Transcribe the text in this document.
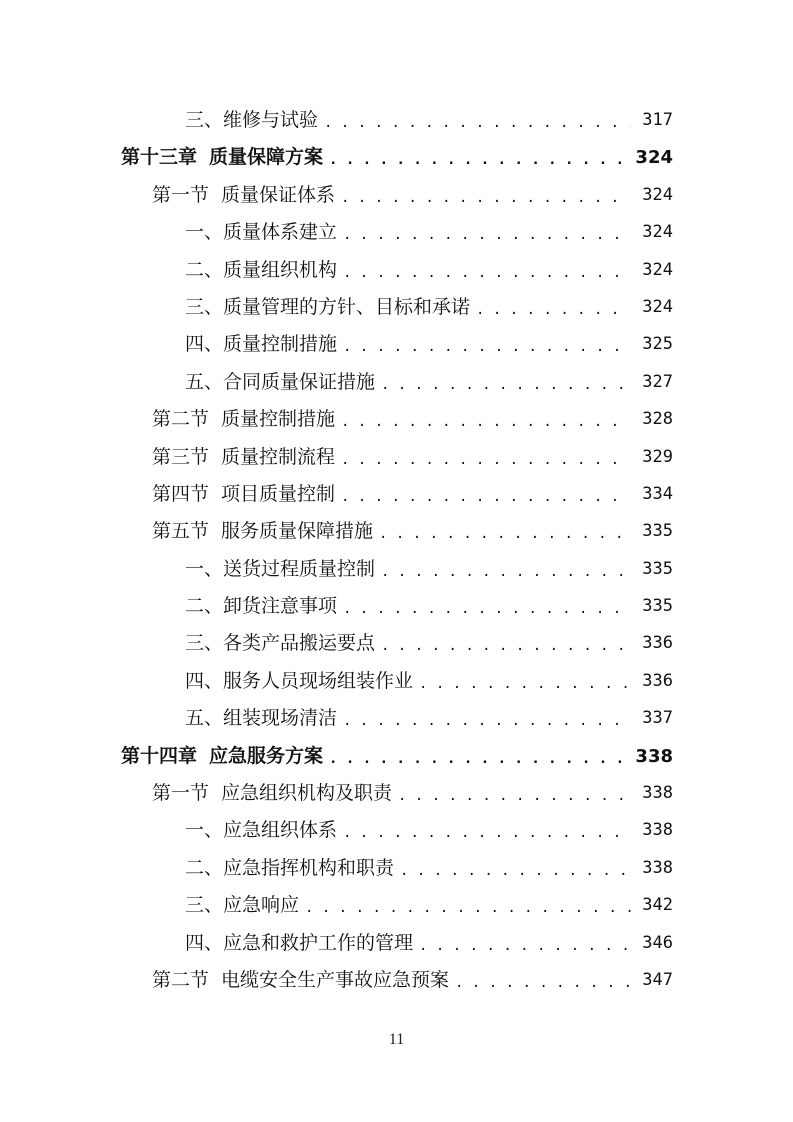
三、维修与试验 . . .	317
第十三章 质量保障方案 . . .	324
第一节 质量保证体系 . . .	324
一、质量体系建立 . . .	324
二、质量组织机构 . . .	324
三、质量管理的方针、目标和承诺 . . .	324
四、质量控制措施 . . .	325
五、合同质量保证措施 . . .	327
第二节 质量控制措施 . . .	328
第三节 质量控制流程 . . .	329
第四节 项目质量控制 . . .	334
第五节 服务质量保障措施 . . .	335
一、送货过程质量控制 . . .	335
二、卸货注意事项 . . .	335
三、各类产品搬运要点 . . .	336
四、服务人员现场组装作业 . . .	336
五、组装现场清洁 . . .	337
第十四章 应急服务方案 . . .	338
第一节 应急组织机构及职责 . . .	338
一、应急组织体系 . . .	338
二、应急指挥机构和职责 . . .	338
三、应急响应 . . .	342
四、应急和救护工作的管理 . . .	346
第二节 电缆安全生产事故应急预案 . . .	347
11
